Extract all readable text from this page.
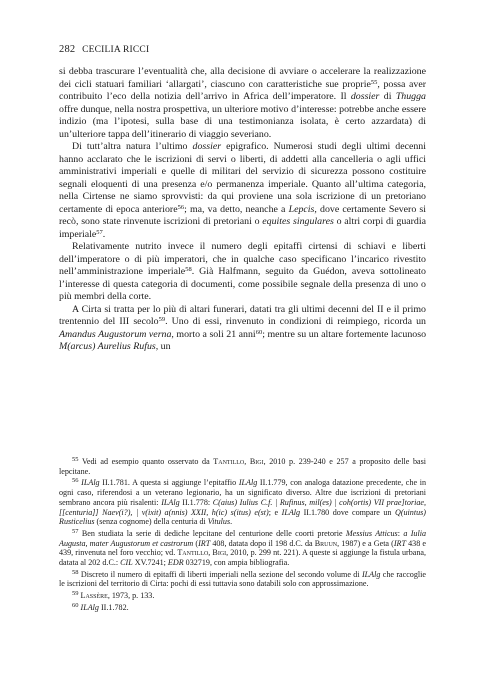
282 CECILIA RICCI

si debba trascurare l’eventualità che, alla decisione di avviare o accelerare la realizzazione dei cicli statuari familiari ‘allargati’, ciascuno con caratteristiche sue proprie$^{55}$, possa aver contribuito l’eco della notizia dell’arrivo in Africa dell’imperatore. Il dossier di Thugga offre dunque, nella nostra prospettiva, un ulteriore motivo d’interesse: potrebbe anche essere indizio (ma l’ipotesi, sulla base di una testimonianza isolata, è certo azzardata) di un’ulteriore tappa dell’itinerario di viaggio severiano.

Di tutt’altra natura l’ultimo dossier epigrafico. Numerosi studi degli ultimi decenni hanno acclarato che le iscrizioni di servi o liberti, di addetti alla cancelleria o agli uffici amministrativi imperiali e quelle di militari del servizio di sicurezza possono costituire segnali eloquenti di una presenza e/o permanenza imperiale. Quanto all’ultima categoria, nella Cirtense ne siamo sprovvisti: da qui proviene una sola iscrizione di un pretoriano certamente di epoca anteriore$^{56}$; ma, va detto, neanche a Lepcis, dove certamente Severo si recò, sono state rinvenute iscrizioni di pretoriani o equites singulares o altri corpi di guardia imperiale$^{57}$.

Relativamente nutrito invece il numero degli epitaffi cirtensi di schiavi e liberti dell’imperatore o di più imperatori, che in qualche caso specificano l’incarico rivestito nell’amministrazione imperiale$^{58}$. Già Halfmann, seguito da Guédon, aveva sottolineato l’interesse di questa categoria di documenti, come possibile segnale della presenza di uno o più membri della corte.

A Cirta si tratta per lo più di altari funerari, datati tra gli ultimi decenni del II e il primo trentennio del III secolo$^{59}$. Uno di essi, rinvenuto in condizioni di reimpiego, ricorda un Amandus Augustorum verna, morto a soli 21 anni$^{60}$; mentre su un altare fortemente lacunoso M(arcus) Aurelius Rufus, un

$^{55}$ Vedi ad esempio quanto osservato da Tantillo, Bigi, 2010 p. 239-240 e 257 a proposito delle basi lepcitane.

$^{56}$ ILAlg II.1.781. A questa si aggiunge l’epitaffio ILAlg II.1.779, con analoga datazione precedente, che in ogni caso, riferendosi a un veterano legionario, ha un significato diverso. Altre due iscrizioni di pretoriani sembrano ancora più risalenti: ILAlg II.1.778: C(aius) Iulius C.f. | Rufinus, mil(es) | coh(ortis) VII prae]toriae, [[centuria]] Naev(i?), | v(ixit) a(nnis) XXII, h(ic) s(itus) e(st); e ILAlg II.1.780 dove compare un Q(uintus) Rusticelius (senza cognome) della centuria di Vitulus.

$^{57}$ Ben studiata la serie di dediche lepcitane del centurione delle coorti pretorie Messius Atticus: a Iulia Augusta, mater Augustorum et castrorum (IRT 408, datata dopo il 198 d.C. da Bruun, 1987) e a Geta (IRT 438 e 439, rinvenuta nel foro vecchio; vd. Tantillo, Bigi, 2010, p. 299 nt. 221). A queste si aggiunge la fistula urbana, datata al 202 d.C.: CIL XV.7241; EDR 032719, con ampia bibliografia.

$^{58}$ Discreto il numero di epitaffi di liberti imperiali nella sezione del secondo volume di ILAlg che raccoglie le iscrizioni del territorio di Cirta: pochi di essi tuttavia sono databili solo con approssimazione.

$^{59}$ Lassère, 1973, p. 133.

$^{60}$ ILAlg II.1.782.
